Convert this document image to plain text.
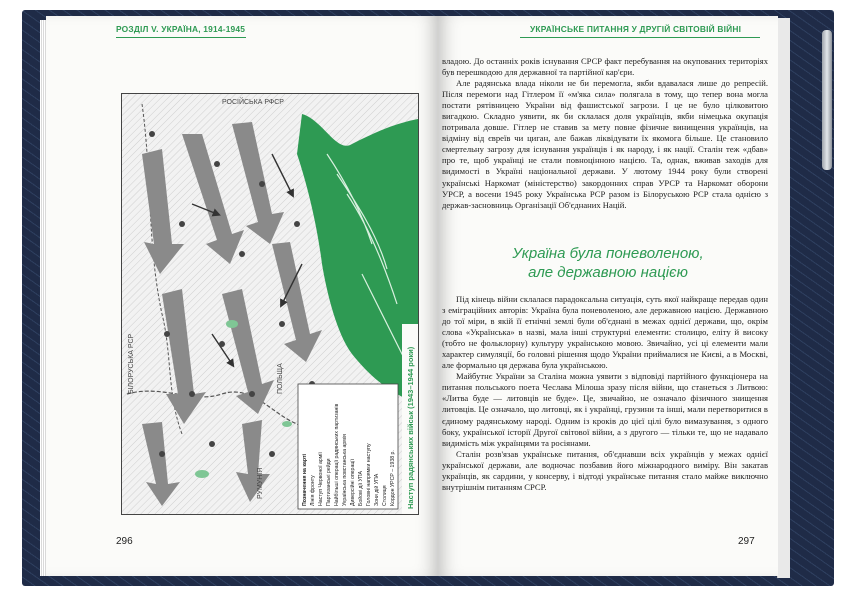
РОЗДІЛ V. УКРАЇНА, 1914-1945
РОСІЙСЬКА РФСР
БІЛОРУСЬКА РСР	ПОЛЬЩА
РУМУНІЯ	Позначення на карті Лінія фронту Наступ Червоної армії Партизанські рейди Найбільші операції радянських партизанів Українська повстанська армія Диверсійні операції Бойові дії УПА Головні напрямки наступу Зони дій УПА Столиця Кордон УРСР – 1938 р. Наступ радянських військ (1943–1944 роки)
296
УКРАЇНСЬКЕ ПИТАННЯ У ДРУГІЙ СВІТОВІЙ ВІЙНІ

владою. До останніх років існування СРСР факт перебування на окупованих територіях був перешкодою для державної та партійної кар'єри.

Але радянська влада ніколи не би перемогла, якби вдавалася лише до репресій. Після перемоги над Гітлером її «м'яка сила» полягала в тому, що тепер вона могла постати рятівницею України від фашистської загрози. І це не було цілковитою вигадкою. Складно уявити, як би склалася доля українців, якби німецька окупація потривала довше. Гітлер не ставив за мету повне фізичне винищення українців, на відміну від євреїв чи циган, але бажав ліквідувати їх якомога більше. Це становило смертельну загрозу для існування українців і як народу, і як нації. Сталін теж «дбав» про те, щоб українці не стали повноцінною нацією. Та, однак, вживав заходів для видимості в Україні національної держави. У лютому 1944 року були створені українські Наркомат (міністерство) закордонних справ УРСР та Наркомат оборони УРСР, а восени 1945 року Українська РСР разом із Білоруською РСР стала однією з держав-засновниць Організації Об'єднаних Націй.

Україна була поневоленою,
але державною нацією

Під кінець війни склалася парадоксальна ситуація, суть якої найкраще передав один з еміграційних авторів: Україна була поневоленою, але державною нацією. Державною до тої міри, в якій її етнічні землі були об'єднані в межах однієї держави, що, окрім слова «Українська» в назві, мала інші структурні елементи: столицю, еліту й високу (тобто не фольклорну) культуру українською мовою. Звичайно, усі ці елементи мали характер симуляції, бо головні рішення щодо України приймалися не Києві, а в Москві, але формально ця держава була українською.

Майбутнє України за Сталіна можна уявити з відповіді партійного функціонера на питання польського поета Чеслава Мілоша зразу після війни, що станеться з Литвою: «Литва буде — литовців не буде». Це, звичайно, не означало фізичного знищення литовців. Це означало, що литовці, як і українці, грузини та інші, мали перетворитися в єдиному радянському народі. Одним із кроків до цієї цілі було вимазування, з одного боку, української історії Другої світової війни, а з другого — тільки те, що не надавало видимість між українцями та росіянами.

Сталін розв'язав українське питання, об'єднавши всіх українців у межах однієї української держави, але водночас позбавив його міжнародного виміру. Він закатав українців, як сардини, у консерву, і відтоді українське питання стало майже виключно внутрішнім питанням СРСР.

297
